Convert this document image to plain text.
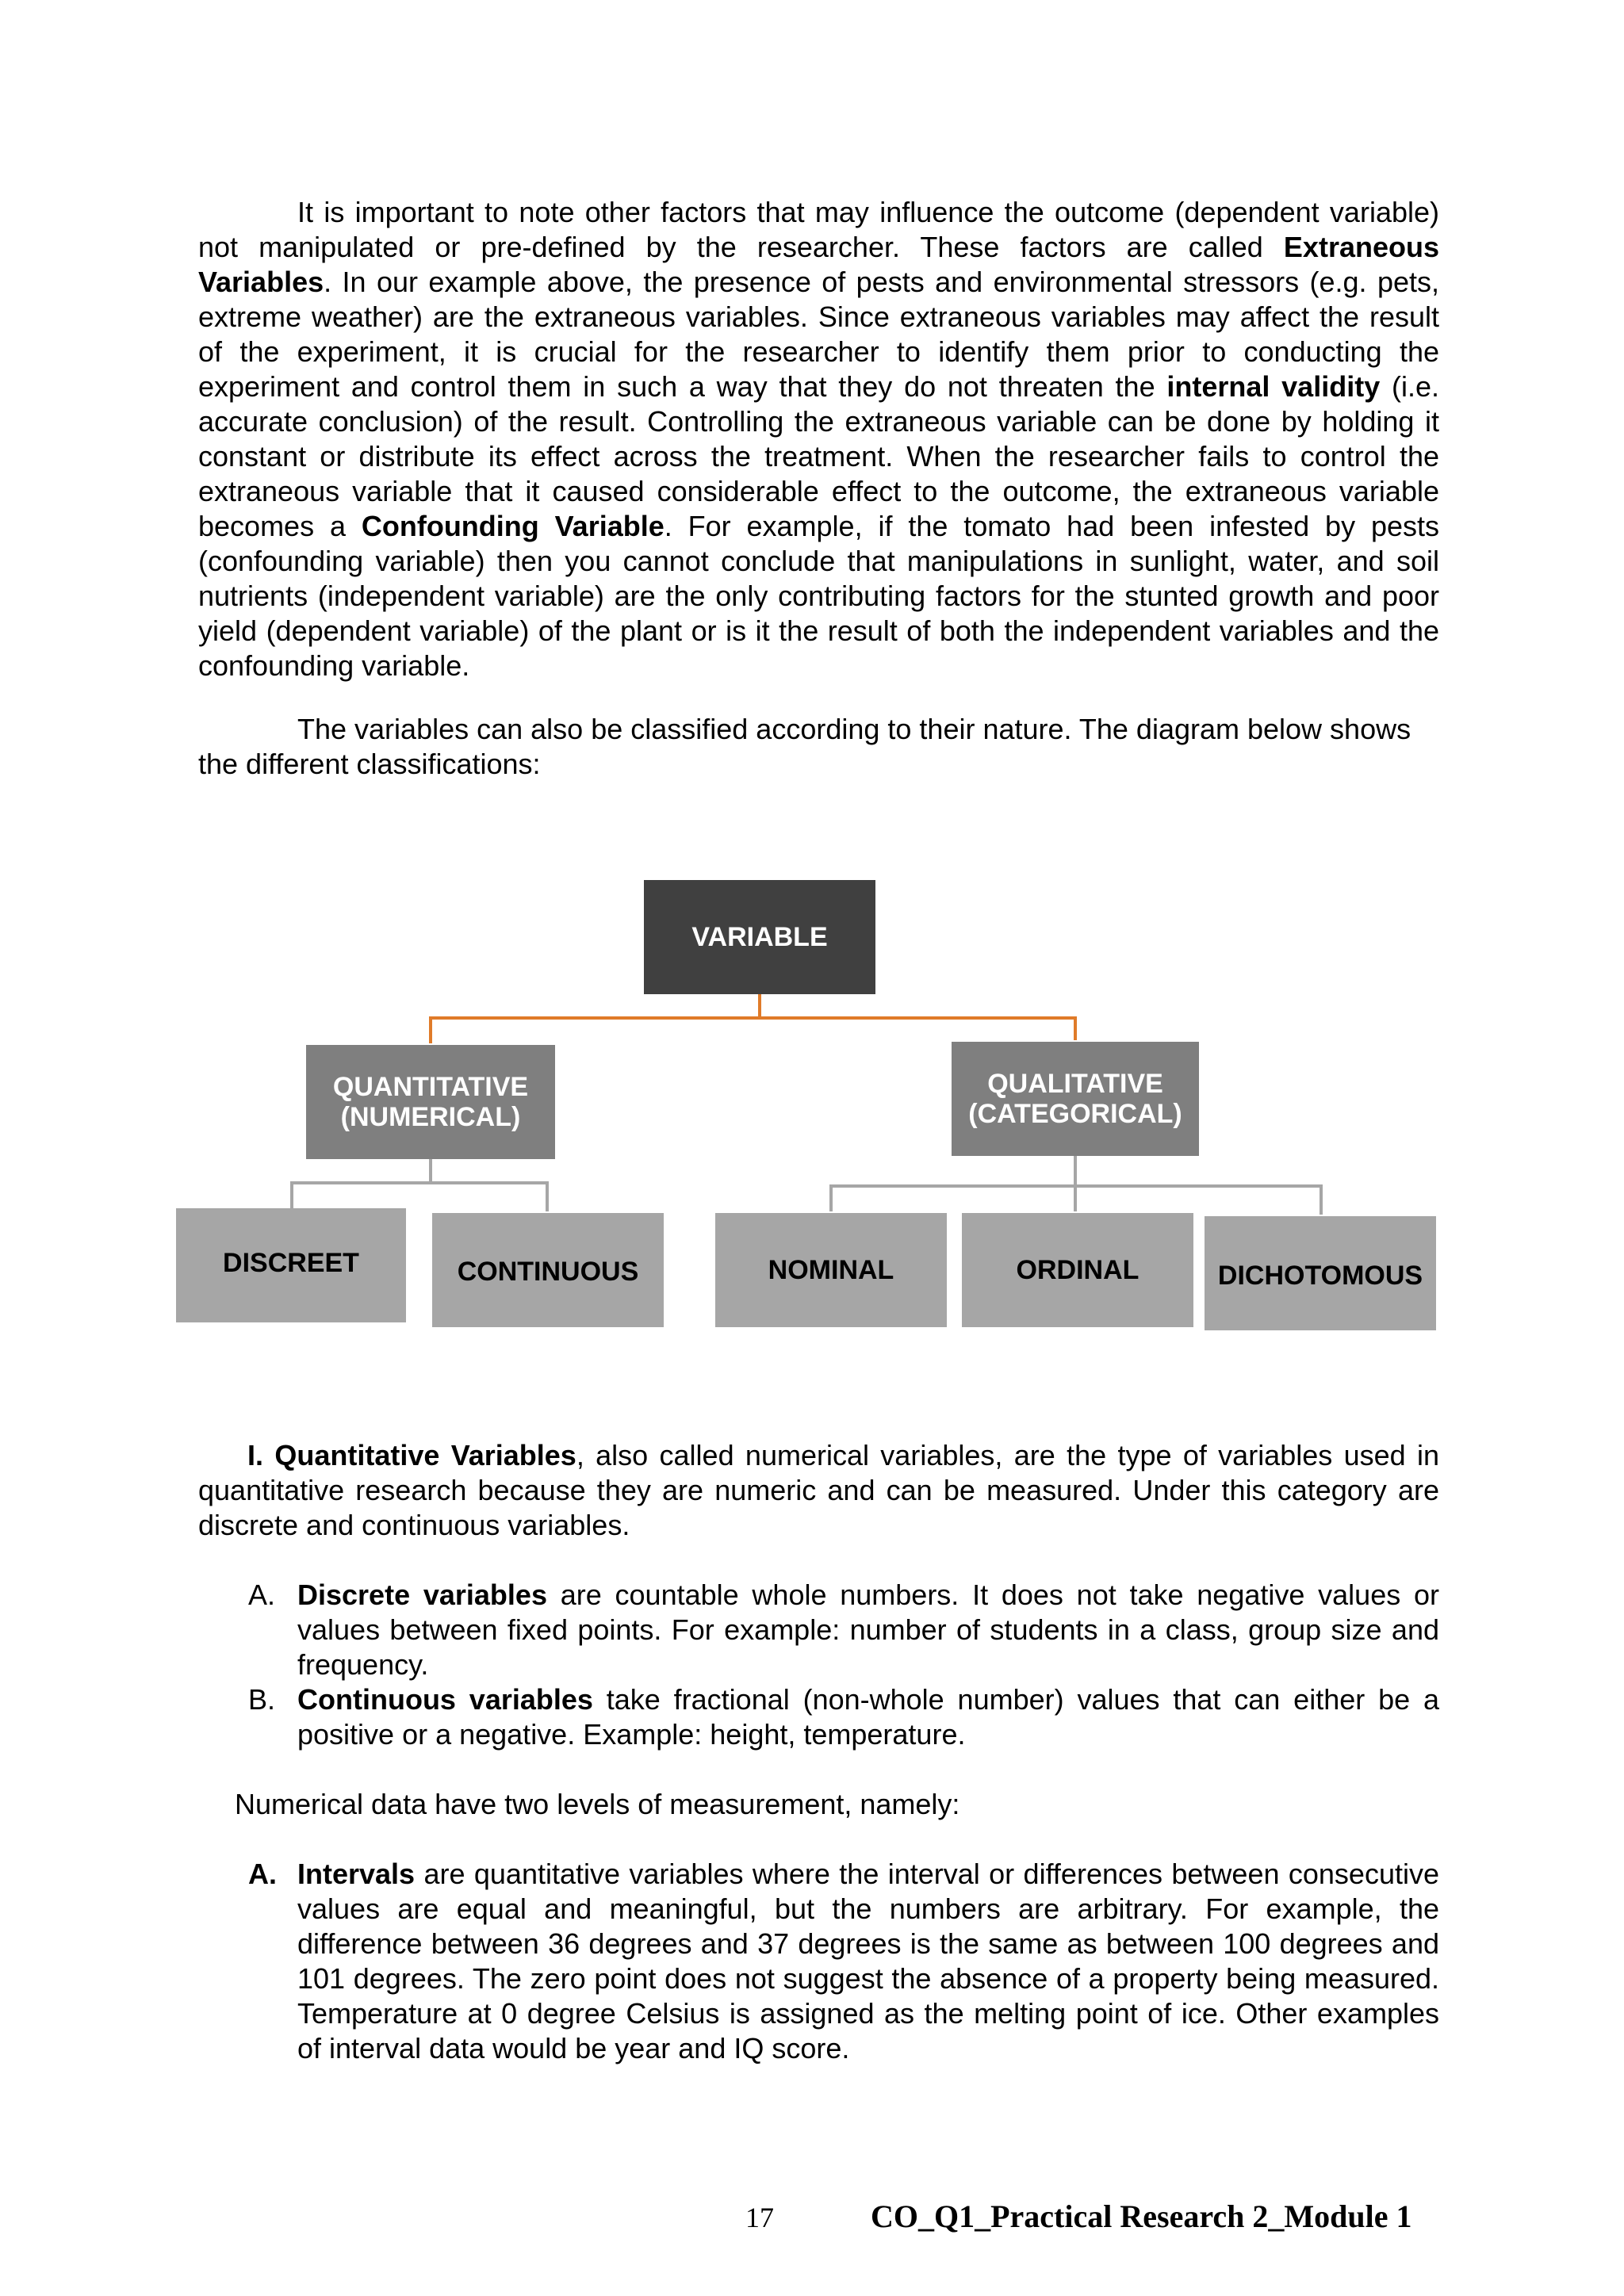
It is important to note other factors that may influence the outcome (dependent variable) not manipulated or pre-defined by the researcher. These factors are called Extraneous Variables. In our example above, the presence of pests and environmental stressors (e.g. pets, extreme weather) are the extraneous variables. Since extraneous variables may affect the result of the experiment, it is crucial for the researcher to identify them prior to conducting the experiment and control them in such a way that they do not threaten the internal validity (i.e. accurate conclusion) of the result. Controlling the extraneous variable can be done by holding it constant or distribute its effect across the treatment. When the researcher fails to control the extraneous variable that it caused considerable effect to the outcome, the extraneous variable becomes a Confounding Variable. For example, if the tomato had been infested by pests (confounding variable) then you cannot conclude that manipulations in sunlight, water, and soil nutrients (independent variable) are the only contributing factors for the stunted growth and poor yield (dependent variable) of the plant or is it the result of both the independent variables and the confounding variable.

The variables can also be classified according to their nature. The diagram below shows the different classifications:

VARIABLE
QUANTITATIVE
(NUMERICAL)
QUALITATIVE
(CATEGORICAL)
DISCREET	CONTINUOUS	NOMINAL	ORDINAL	DICHOTOMOUS

I. Quantitative Variables, also called numerical variables, are the type of variables used in quantitative research because they are numeric and can be measured. Under this category are discrete and continuous variables.

A. Discrete variables are countable whole numbers. It does not take negative values or values between fixed points. For example: number of students in a class, group size and frequency.

B. Continuous variables take fractional (non-whole number) values that can either be a positive or a negative. Example: height, temperature.

Numerical data have two levels of measurement, namely:

A. Intervals are quantitative variables where the interval or differences between consecutive values are equal and meaningful, but the numbers are arbitrary. For example, the difference between 36 degrees and 37 degrees is the same as between 100 degrees and 101 degrees. The zero point does not suggest the absence of a property being measured. Temperature at 0 degree Celsius is assigned as the melting point of ice. Other examples of interval data would be year and IQ score.

17	CO_Q1_Practical Research 2_Module 1
